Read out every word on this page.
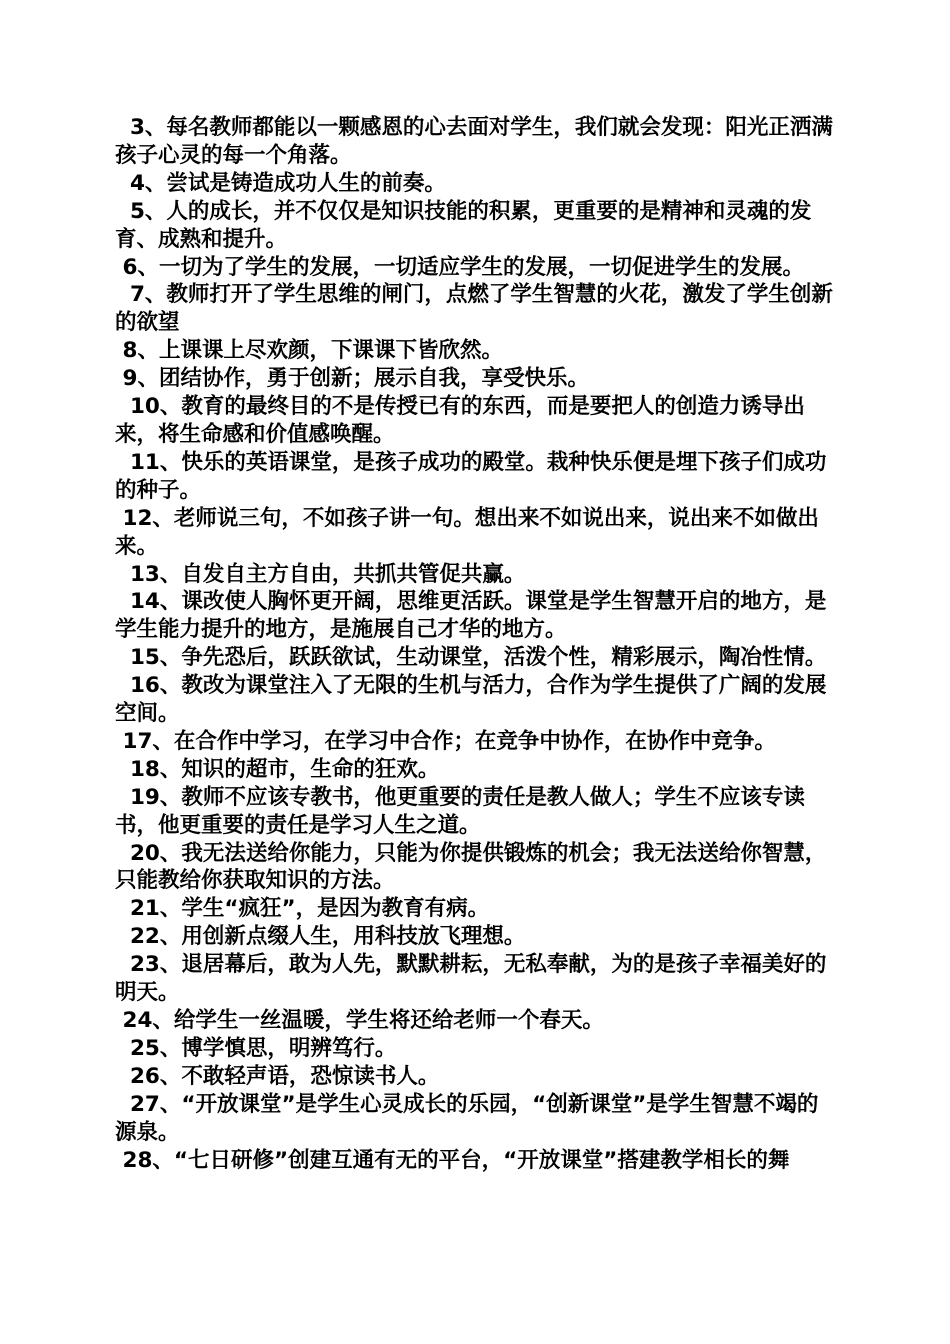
3、每名教师都能以一颗感恩的心去面对学生，我们就会发现：阳光正洒满孩子心灵的每一个角落。

4、尝试是铸造成功人生的前奏。

5、人的成长，并不仅仅是知识技能的积累，更重要的是精神和灵魂的发育、成熟和提升。

6、一切为了学生的发展，一切适应学生的发展，一切促进学生的发展。

7、教师打开了学生思维的闸门，点燃了学生智慧的火花，激发了学生创新的欲望

8、上课课上尽欢颜，下课课下皆欣然。

9、团结协作，勇于创新；展示自我，享受快乐。

10、教育的最终目的不是传授已有的东西，而是要把人的创造力诱导出来，将生命感和价值感唤醒。

11、快乐的英语课堂，是孩子成功的殿堂。栽种快乐便是埋下孩子们成功的种子。

12、老师说三句，不如孩子讲一句。想出来不如说出来，说出来不如做出来。

13、自发自主方自由，共抓共管促共赢。

14、课改使人胸怀更开阔，思维更活跃。课堂是学生智慧开启的地方，是学生能力提升的地方，是施展自己才华的地方。

15、争先恐后，跃跃欲试，生动课堂，活泼个性，精彩展示，陶冶性情。

16、教改为课堂注入了无限的生机与活力，合作为学生提供了广阔的发展空间。

17、在合作中学习，在学习中合作；在竞争中协作，在协作中竞争。

18、知识的超市，生命的狂欢。

19、教师不应该专教书，他更重要的责任是教人做人；学生不应该专读书，他更重要的责任是学习人生之道。

20、我无法送给你能力，只能为你提供锻炼的机会；我无法送给你智慧，只能教给你获取知识的方法。

21、学生“疯狂”，是因为教育有病。

22、用创新点缀人生，用科技放飞理想。

23、退居幕后，敢为人先，默默耕耘，无私奉献，为的是孩子幸福美好的明天。

24、给学生一丝温暖，学生将还给老师一个春天。

25、博学慎思，明辨笃行。

26、不敢轻声语，恐惊读书人。

27、“开放课堂”是学生心灵成长的乐园，“创新课堂”是学生智慧不竭的源泉。

28、“七日研修”创建互通有无的平台，“开放课堂”搭建教学相长的舞
